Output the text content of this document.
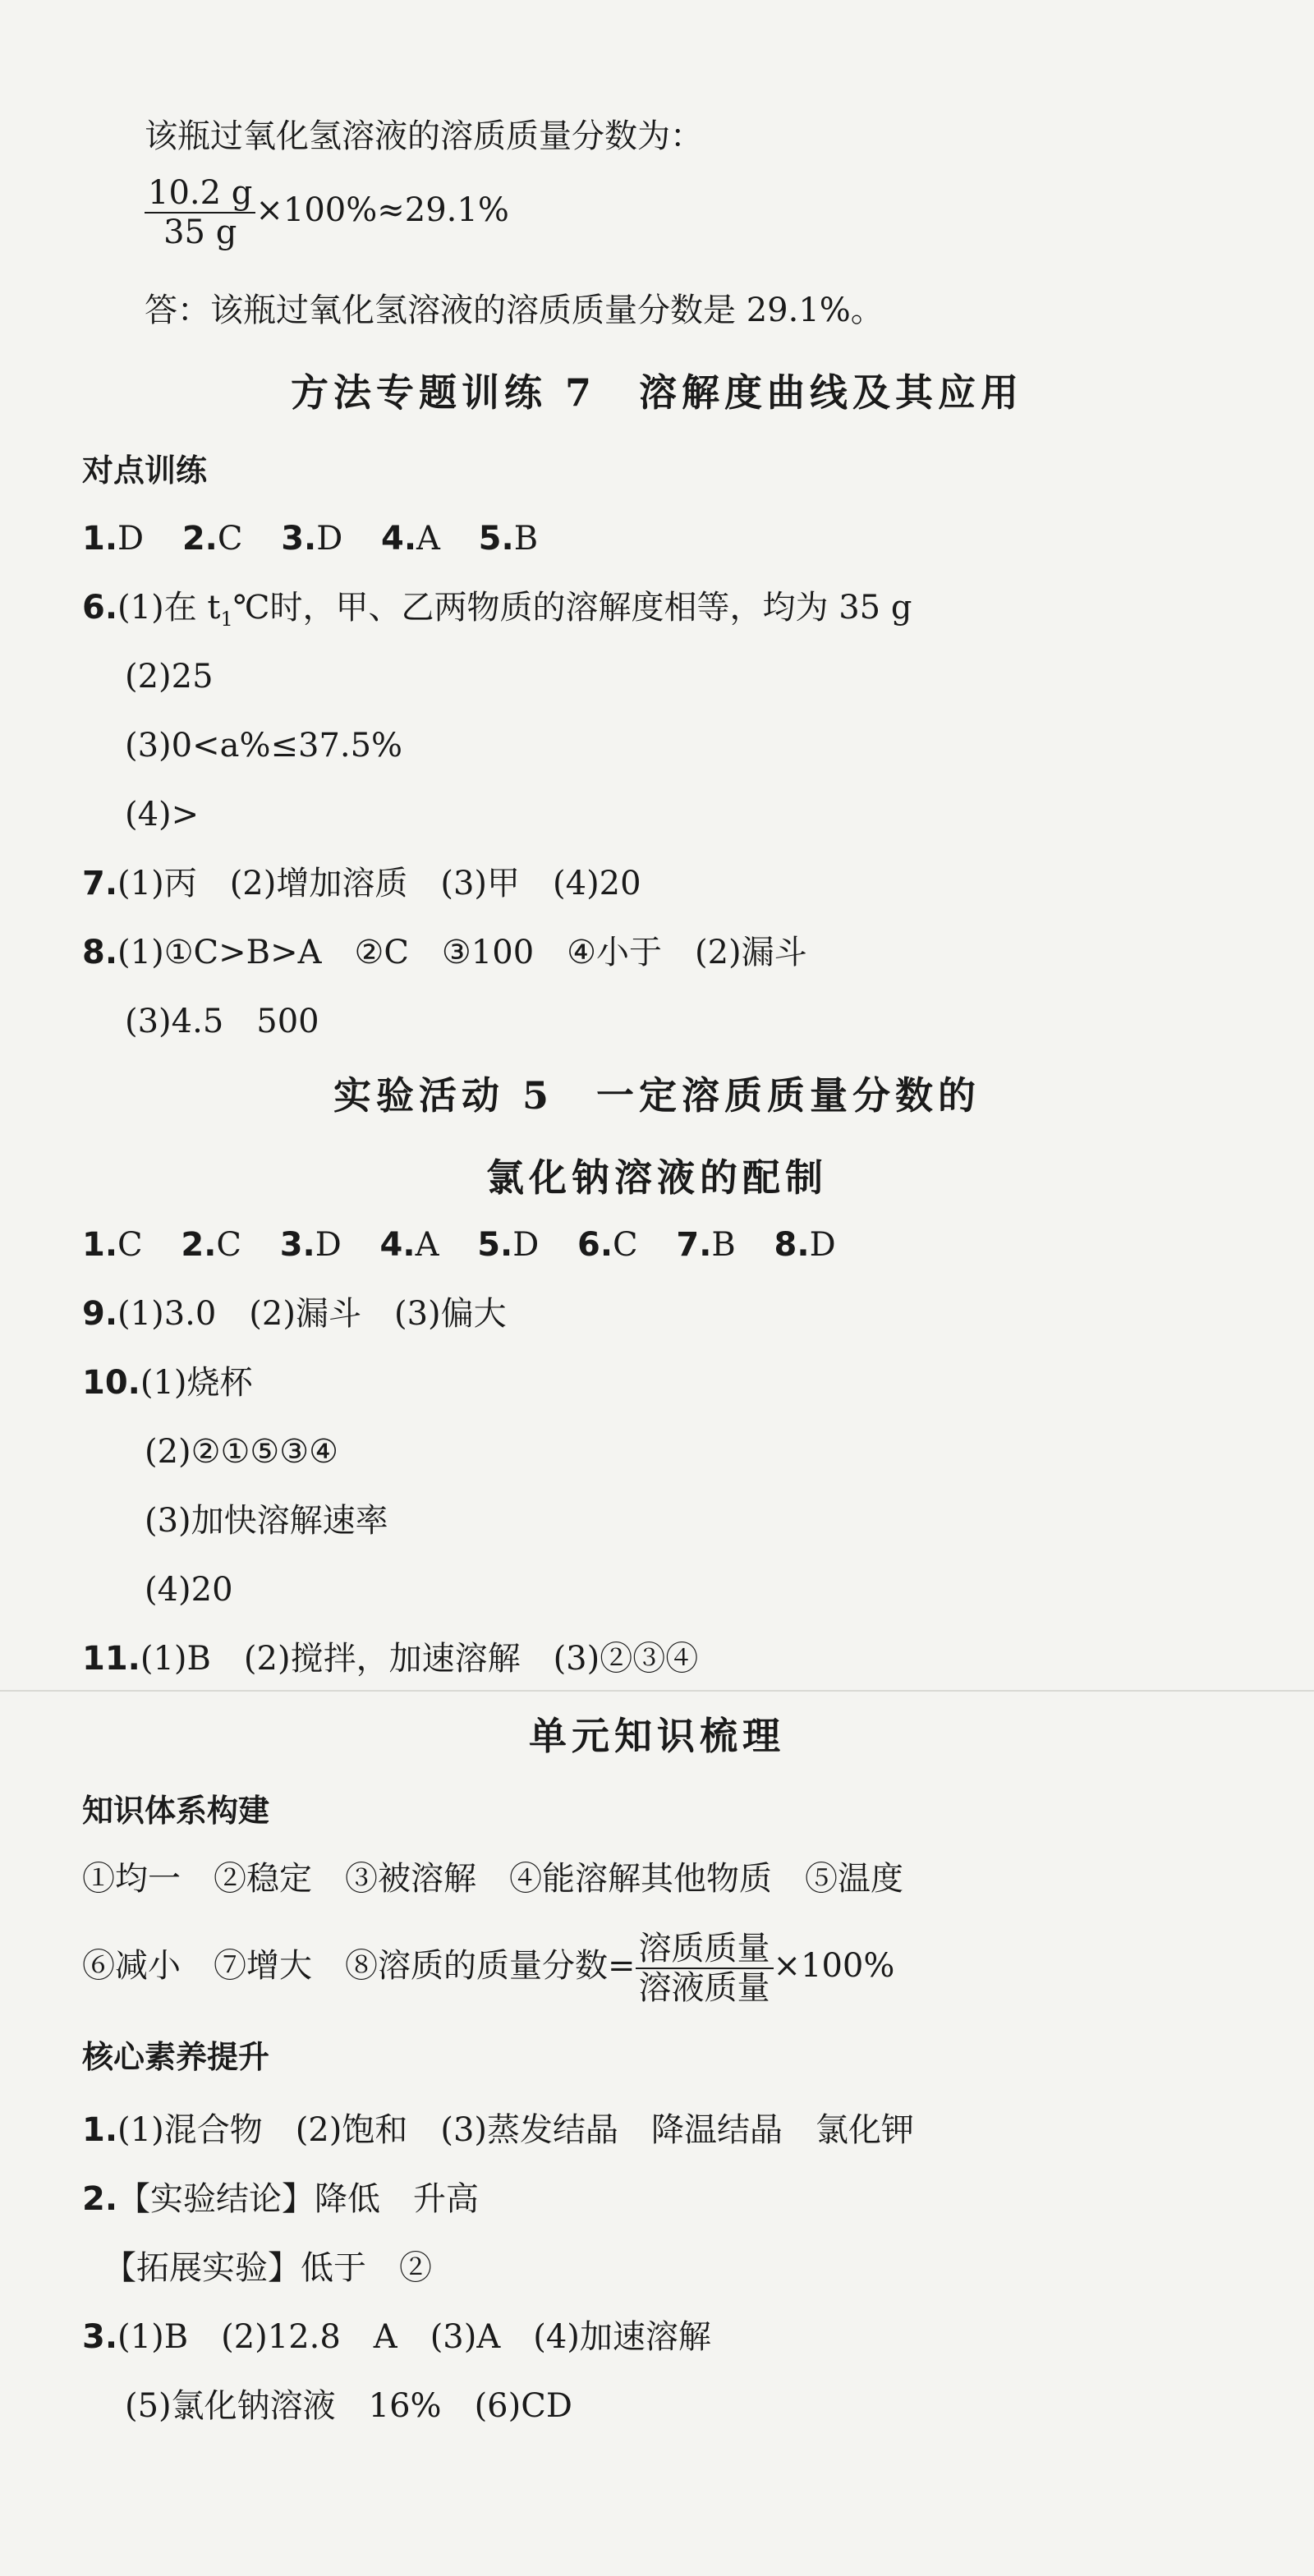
该瓶过氧化氢溶液的溶质质量分数为：
$\frac{10.2 g}{35 g} \times 100\%\approx 29.1\%$
答：该瓶过氧化氢溶液的溶质质量分数是 29.1%。
方法专题训练 7　溶解度曲线及其应用
对点训练
1.D 2.C 3.D 4.A 5.B
6.(1)在 $t_1℃$时，甲、乙两物质的溶解度相等，均为 35 g
(2)25
(3)0<a%≤37.5%
(4)>
7.(1)丙　(2)增加溶质　(3)甲　(4)20
8.(1)①C>B>A　②C　③100　④小于　(2)漏斗
(3)4.5　500
实验活动 5　一定溶质质量分数的
氯化钠溶液的配制
1.C 2.C 3.D 4.A 5.D 6.C 7.B 8.D
9.(1)3.0　(2)漏斗　(3)偏大
10.(1)烧杯
(2)②①⑤③④
(3)加快溶解速率
(4)20
11.(1)B　(2)搅拌，加速溶解　(3)②③④
单元知识梳理
知识体系构建
①均一　②稳定　③被溶解　④能溶解其他物质　⑤温度
⑥减小　⑦增大　⑧溶质的质量分数= $\frac{\text{溶质质量}}{\text{溶液质量}} \times 100\%$
核心素养提升
1.(1)混合物　(2)饱和　(3)蒸发结晶　降温结晶　氯化钾
2.【实验结论】降低　升高
【拓展实验】低于　②
3.(1)B　(2)12.8　A　(3)A　(4)加速溶解
(5)氯化钠溶液　16%　(6)CD
